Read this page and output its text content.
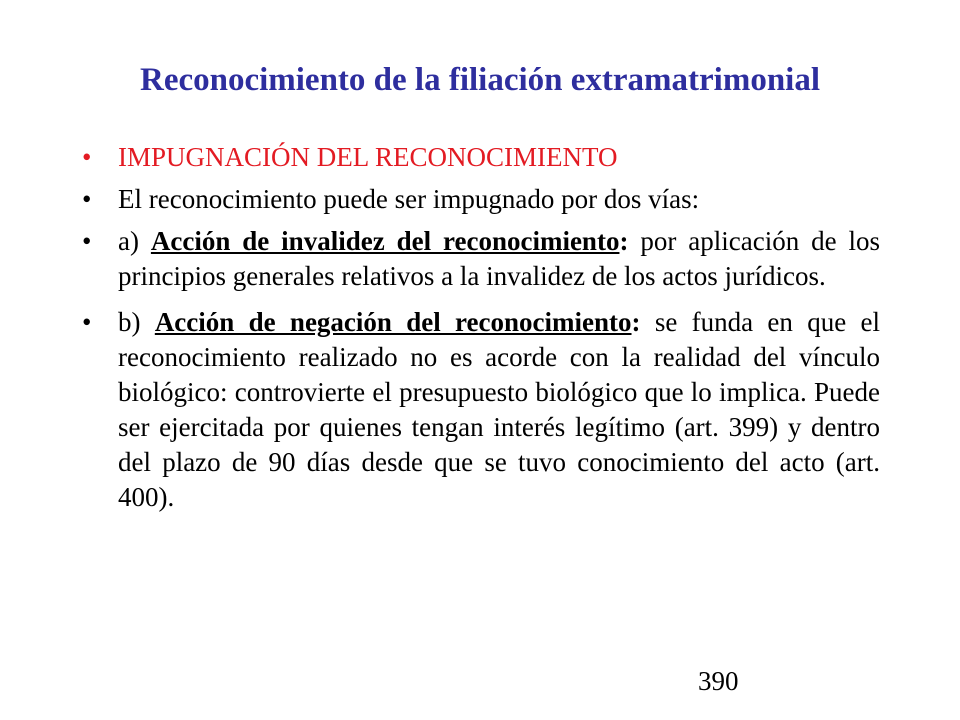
Reconocimiento de la filiación extramatrimonial
• IMPUGNACIÓN DEL RECONOCIMIENTO
• El reconocimiento puede ser impugnado por dos vías:
• a) Acción de invalidez del reconocimiento: por aplicación de los principios generales relativos a la invalidez de los actos jurídicos.
• b) Acción de negación del reconocimiento: se funda en que el reconocimiento realizado no es acorde con la realidad del vínculo biológico: controvierte el presupuesto biológico que lo implica. Puede ser ejercitada por quienes tengan interés legítimo (art. 399) y dentro del plazo de 90 días desde que se tuvo conocimiento del acto (art. 400).
390
